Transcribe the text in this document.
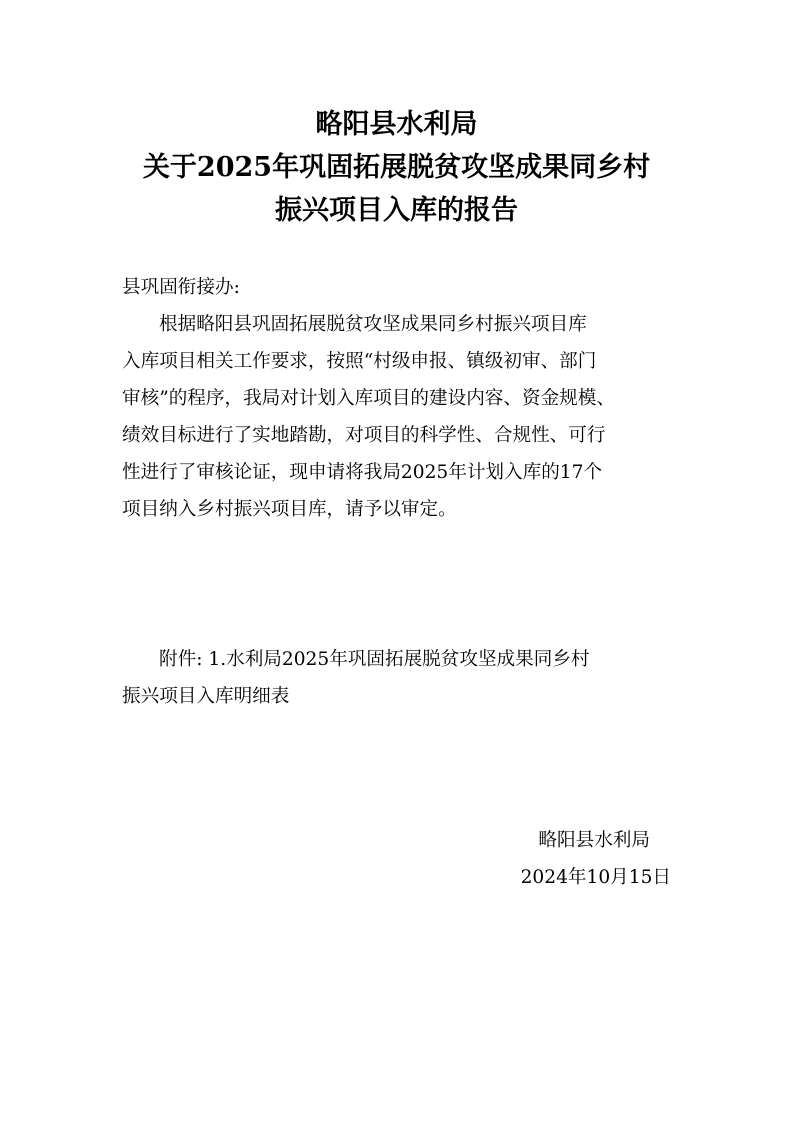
略阳县水利局
关于2025年巩固拓展脱贫攻坚成果同乡村
振兴项目入库的报告
县巩固衔接办:
根据略阳县巩固拓展脱贫攻坚成果同乡村振兴项目库
入库项目相关工作要求，按照“村级申报、镇级初审、部门
审核”的程序，我局对计划入库项目的建设内容、资金规模、
绩效目标进行了实地踏勘，对项目的科学性、合规性、可行
性进行了审核论证，现申请将我局2025年计划入库的17个
项目纳入乡村振兴项目库，请予以审定。
附件: 1.水利局2025年巩固拓展脱贫攻坚成果同乡村
振兴项目入库明细表
略阳县水利局
2024年10月15日
